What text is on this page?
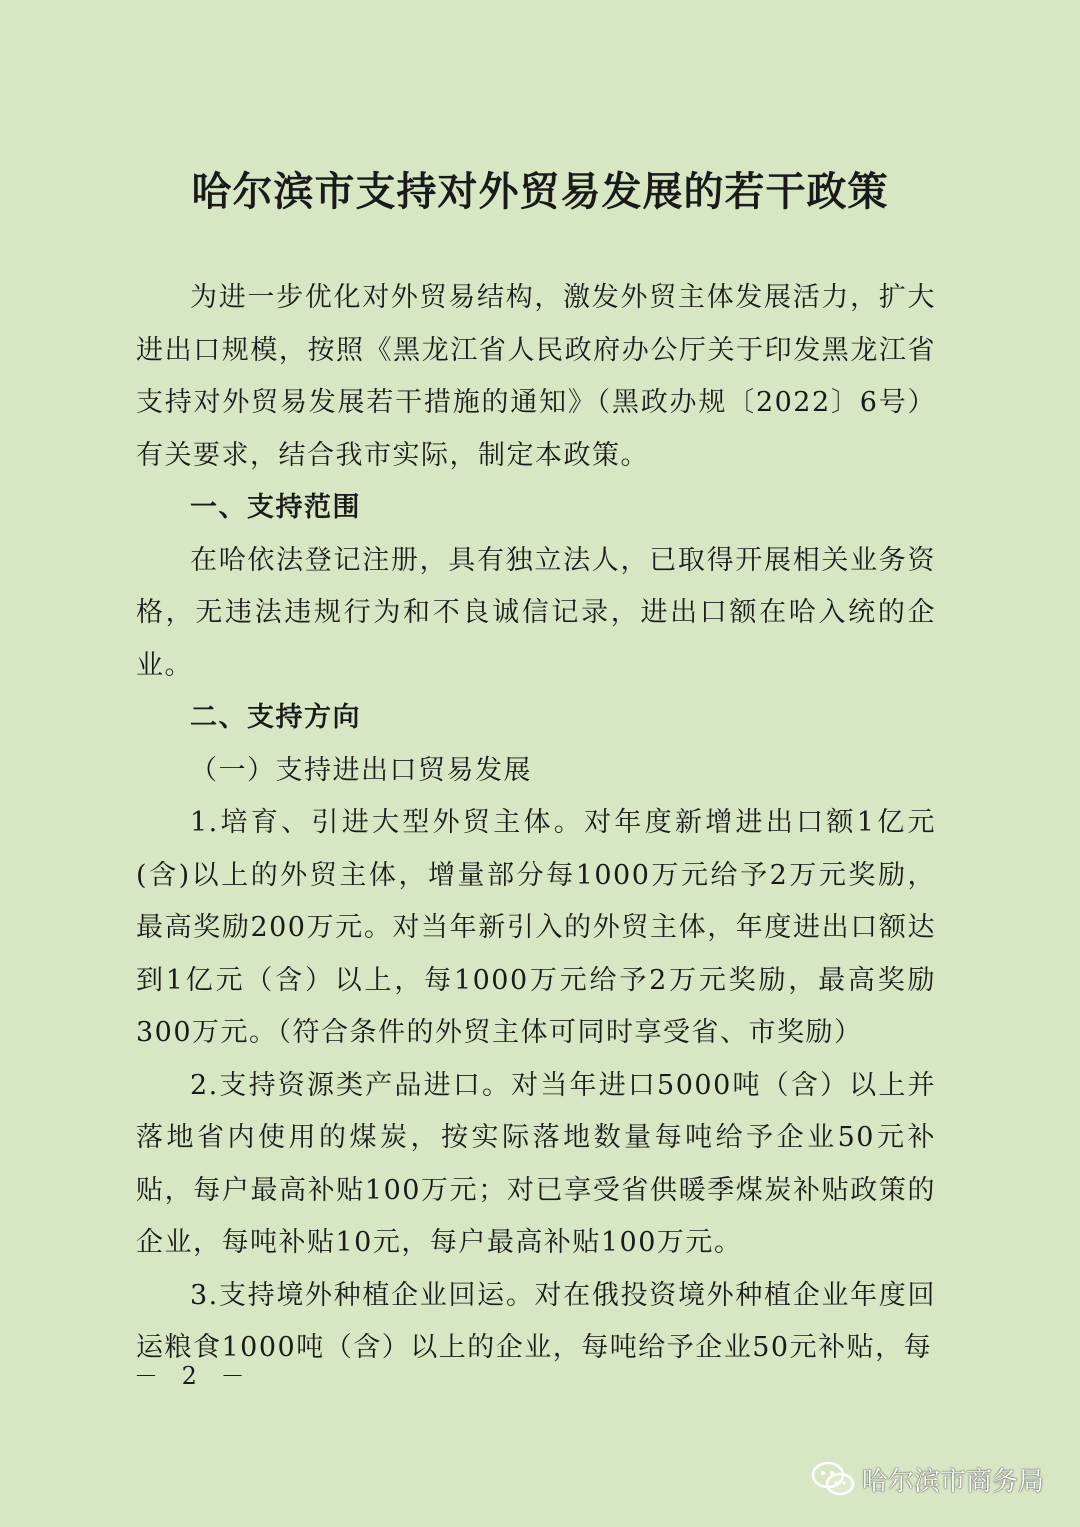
哈尔滨市支持对外贸易发展的若干政策

为进一步优化对外贸易结构，激发外贸主体发展活力，扩大进出口规模，按照《黑龙江省人民政府办公厅关于印发黑龙江省支持对外贸易发展若干措施的通知》（黑政办规〔2022〕6号）有关要求，结合我市实际，制定本政策。

一、支持范围

在哈依法登记注册，具有独立法人，已取得开展相关业务资格，无违法违规行为和不良诚信记录，进出口额在哈入统的企业。

二、支持方向

（一）支持进出口贸易发展

1.培育、引进大型外贸主体。对年度新增进出口额1亿元(含)以上的外贸主体，增量部分每1000万元给予2万元奖励，最高奖励200万元。对当年新引入的外贸主体，年度进出口额达到1亿元（含）以上，每1000万元给予2万元奖励，最高奖励300万元。（符合条件的外贸主体可同时享受省、市奖励）

2.支持资源类产品进口。对当年进口5000吨（含）以上并落地省内使用的煤炭，按实际落地数量每吨给予企业50元补贴，每户最高补贴100万元；对已享受省供暖季煤炭补贴政策的企业，每吨补贴10元，每户最高补贴100万元。

3.支持境外种植企业回运。对在俄投资境外种植企业年度回运粮食1000吨（含）以上的企业，每吨给予企业50元补贴，每

－ 2 －
哈尔滨市商务局
